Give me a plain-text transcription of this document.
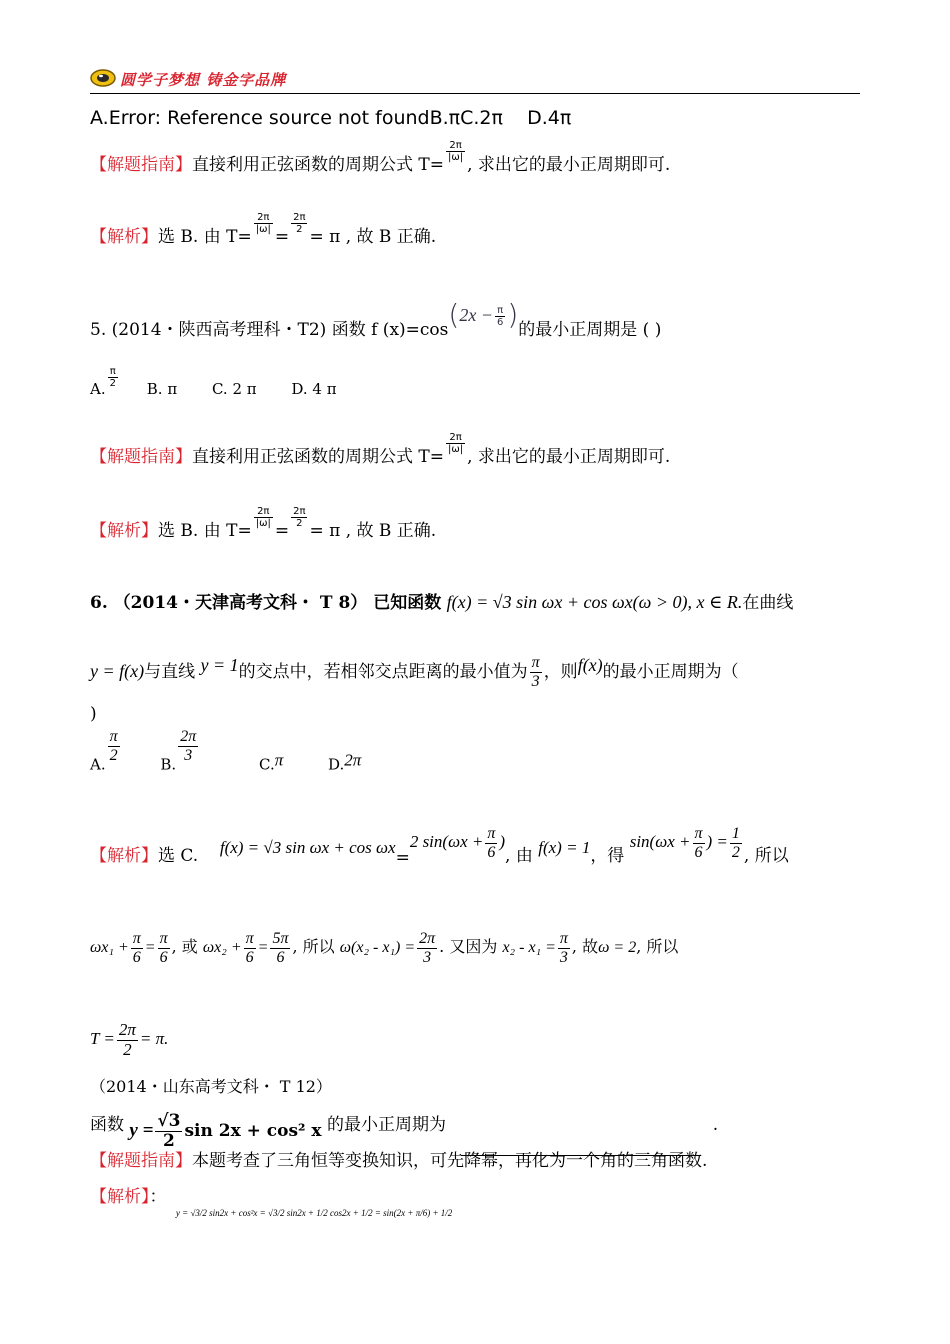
圆学子梦想 铸金字品牌
A.Error: Reference source not foundB.πC.2π D.4π
【解题指南】直接利用正弦函数的周期公式 T=
$\frac{2\pi}{|\omega|}$
, 求出它的最小正周期即可.
【解析】选 B. 由 T=
$\frac{2\pi}{|\omega|}$
=
$\frac{2\pi}{2}$
= π , 故 B 正确.
5. (2014・陕西高考理科・T2) 函数 f $(x)=\cos(2x - \frac{\pi}{6}$ )的最小正周期是 ( )
A. $\frac{\pi}{2} B$. π C. 2 π D. 4 π
【解题指南】直接利用正弦函数的周期公式 T=
$\frac{2\pi}{|\omega|}$
, 求出它的最小正周期即可.
【解析】选 B. 由 T=
$\frac{2\pi}{|\omega|}$
=
$\frac{2\pi}{2}$
= π , 故 B 正确.
6. （2014・天津高考文科・ T 8） 已知函数 f(x) = √3 sin ωx + cos ωx(ω > 0), x ∈ R.在曲线
y = f(x)与直线 y = 1的交点中，若相邻交点距离的最小值为 $\frac{\pi}{3}$ ，则f(x)的最小正周期为（
)
A.
$\frac{\pi}{2}$
B.
$\frac{2\pi}{3}$
C.π	D.2π
【解析】选 C. f(x) = √3 sin ωx + cos ωx=2 $\sin(\omega x + \frac{\pi}{6}$ ), 由 f(x) = 1，得 $\sin(\omega x + \frac{\pi}{6}$ ) = $\frac{1}{2}$ , 所以
$\omega x_1 + \frac{\pi}{6} = \frac{\pi}{6}$ , 或 $\omega x_2 + \frac{\pi}{6} = \frac{5\pi}{6}$ , 所以 $\omega(x_2 - x_1) = \frac{2\pi}{3}$ . 又因为 $x_2 - x_1 = \frac{\pi}{3}$ , 故ω = 2, 所以
$T = \frac{2\pi}{2} = \pi$.
（2014・山东高考文科・ T 12）
函数 $y = \frac{√3}{2}$ sin 2x + cos² x 的最小正周期为	.
【解题指南】本题考查了三角恒等变换知识，可先降幂，再化为一个角的三角函数.
【解析】： $_{y = √3/2 sin2x + cos^2x = √3/2 sin2x + 1/2 cos2x + 1/2 = sin(2x + \pi/6) + 1/2}$
